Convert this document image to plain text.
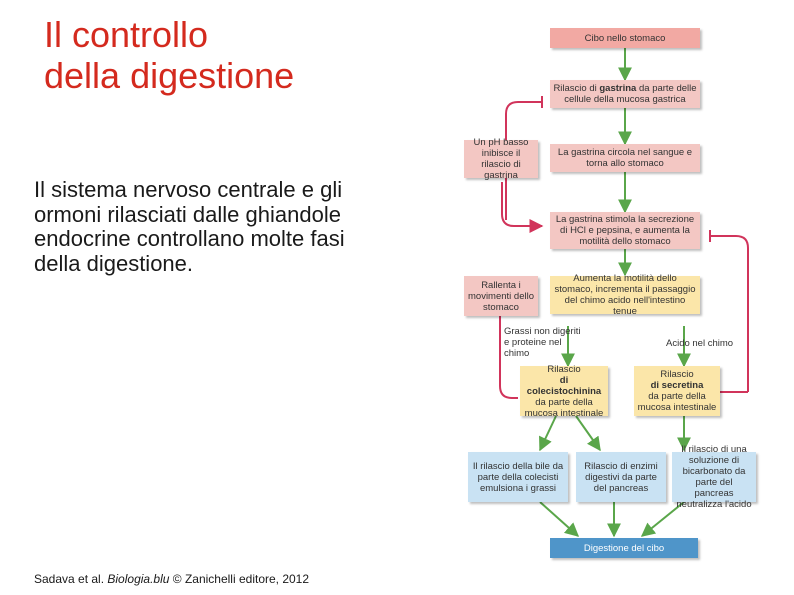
Il controllo
della digestione
Il sistema nervoso centrale e gli ormoni rilasciati dalle ghiandole endocrine controllano molte fasi della digestione.
Sadava et al. Biologia.blu © Zanichelli editore, 2012
Cibo nello stomaco
Rilascio di gastrina da parte delle cellule della mucosa gastrica
Un pH basso inibisce il rilascio di gastrina
La gastrina circola nel sangue e torna allo stomaco
La gastrina stimola la secrezione di HCl e pepsina, e aumenta la motilità dello stomaco
Rallenta i movimenti dello stomaco
Aumenta la motilità dello stomaco, incrementa il passaggio del chimo acido nell'intestino tenue
Grassi non digeriti e proteine nel chimo
Acido nel chimo
Rilascio
di colecistochinina
da parte della mucosa intestinale
Rilascio
di secretina
da parte della mucosa intestinale
Il rilascio della bile da parte della colecisti emulsiona i grassi
Rilascio di enzimi digestivi da parte del pancreas
Il rilascio di una soluzione di bicarbonato da parte del pancreas neutralizza l'acido
Digestione del cibo
